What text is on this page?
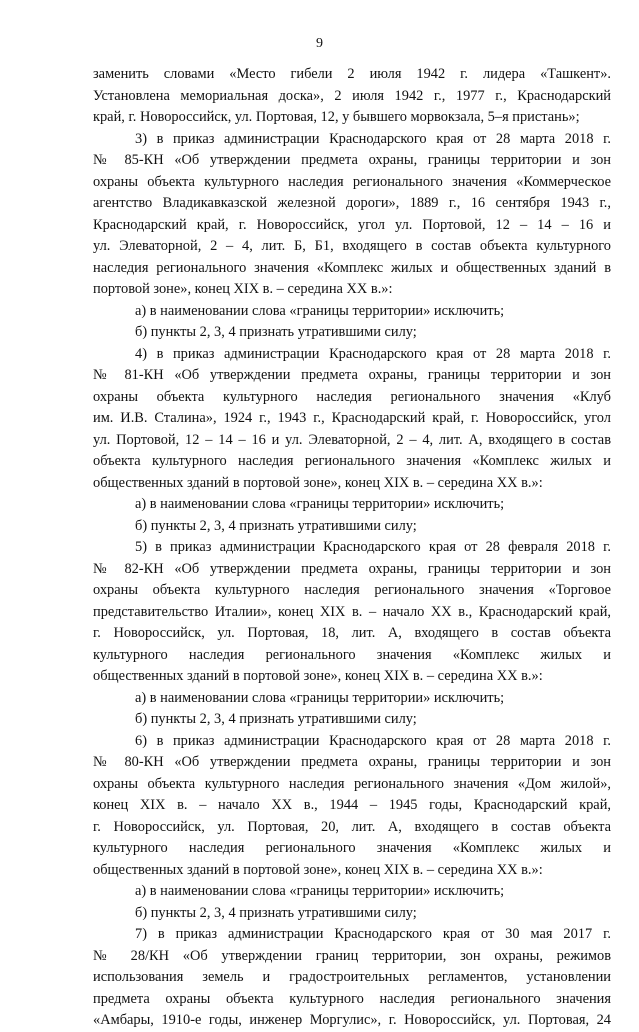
9
заменить словами «Место гибели 2 июля 1942 г. лидера «Ташкент».
Установлена мемориальная доска», 2 июля 1942 г., 1977 г., Краснодарский
край, г. Новороссийск, ул. Портовая, 12, у бывшего морвокзала, 5–я пристань»;
3) в приказ администрации Краснодарского края от 28 марта 2018 г.
№ 85-КН «Об утверждении предмета охраны, границы территории и зон
охраны объекта культурного наследия регионального значения «Коммерческое
агентство Владикавказской железной дороги», 1889 г., 16 сентября 1943 г.,
Краснодарский край, г. Новороссийск, угол ул. Портовой, 12 – 14 – 16 и
ул. Элеваторной, 2 – 4, лит. Б, Б1, входящего в состав объекта культурного
наследия регионального значения «Комплекс жилых и общественных зданий в
портовой зоне», конец XIX в. – середина XX в.»:
а) в наименовании слова «границы территории» исключить;
б) пункты 2, 3, 4 признать утратившими силу;
4) в приказ администрации Краснодарского края от 28 марта 2018 г.
№ 81-КН «Об утверждении предмета охраны, границы территории и зон
охраны объекта культурного наследия регионального значения «Клуб
им. И.В. Сталина», 1924 г., 1943 г., Краснодарский край, г. Новороссийск, угол
ул. Портовой, 12 – 14 – 16 и ул. Элеваторной, 2 – 4, лит. А, входящего в состав
объекта культурного наследия регионального значения «Комплекс жилых и
общественных зданий в портовой зоне», конец XIX в. – середина XX в.»:
а) в наименовании слова «границы территории» исключить;
б) пункты 2, 3, 4 признать утратившими силу;
5) в приказ администрации Краснодарского края от 28 февраля 2018 г.
№ 82-КН «Об утверждении предмета охраны, границы территории и зон
охраны объекта культурного наследия регионального значения «Торговое
представительство Италии», конец XIX в. – начало XX в., Краснодарский край,
г. Новороссийск, ул. Портовая, 18, лит. А, входящего в состав объекта
культурного наследия регионального значения «Комплекс жилых и
общественных зданий в портовой зоне», конец XIX в. – середина XX в.»:
а) в наименовании слова «границы территории» исключить;
б) пункты 2, 3, 4 признать утратившими силу;
6) в приказ администрации Краснодарского края от 28 марта 2018 г.
№ 80-КН «Об утверждении предмета охраны, границы территории и зон
охраны объекта культурного наследия регионального значения «Дом жилой»,
конец XIX в. – начало XX в., 1944 – 1945 годы, Краснодарский край,
г. Новороссийск, ул. Портовая, 20, лит. А, входящего в состав объекта
культурного наследия регионального значения «Комплекс жилых и
общественных зданий в портовой зоне», конец XIX в. – середина XX в.»:
а) в наименовании слова «границы территории» исключить;
б) пункты 2, 3, 4 признать утратившими силу;
7) в приказ администрации Краснодарского края от 30 мая 2017 г.
№ 28/КН «Об утверждении границ территории, зон охраны, режимов
использования земель и градостроительных регламентов, установлении
предмета охраны объекта культурного наследия регионального значения
«Амбары, 1910-е годы, инженер Моргулис», г. Новороссийск, ул. Портовая, 24
